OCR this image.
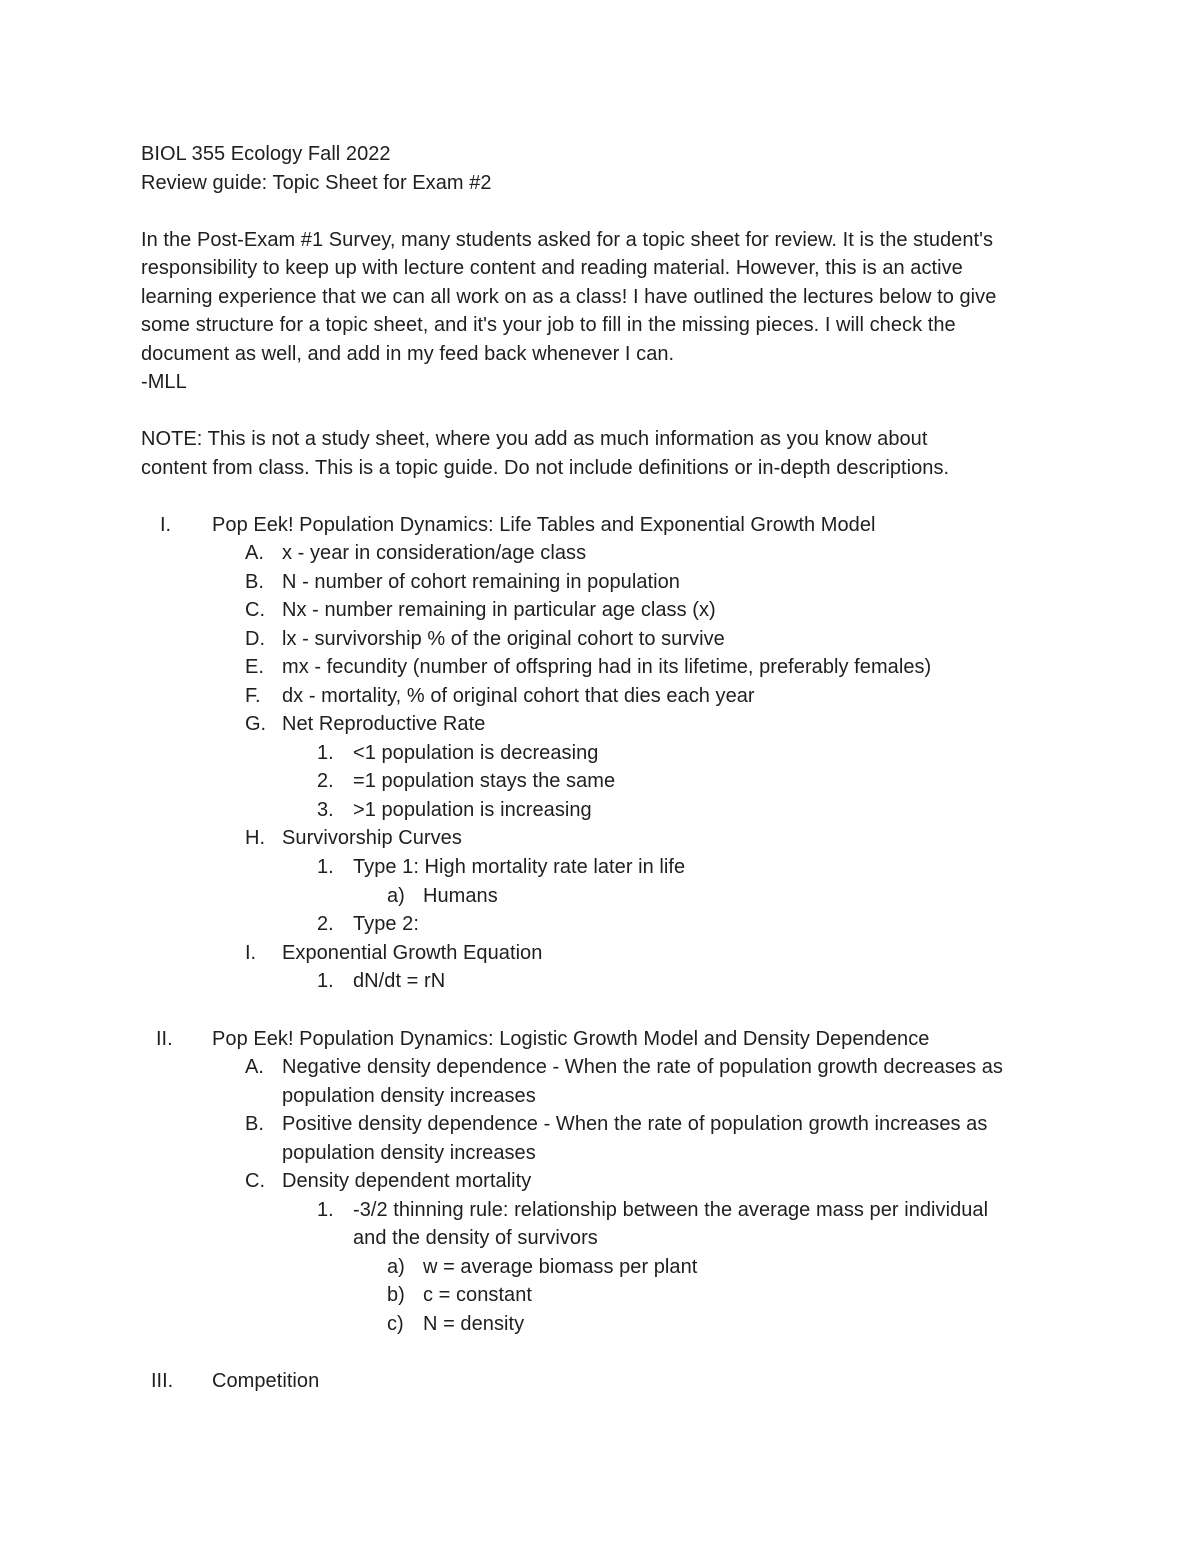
BIOL 355 Ecology Fall 2022
Review guide: Topic Sheet for Exam #2
In the Post-Exam #1 Survey, many students asked for a topic sheet for review. It is the student's
responsibility to keep up with lecture content and reading material. However, this is an active
learning experience that we can all work on as a class! I have outlined the lectures below to give
some structure for a topic sheet, and it's your job to fill in the missing pieces. I will check the
document as well, and add in my feed back whenever I can.
-MLL
NOTE: This is not a study sheet, where you add as much information as you know about
content from class. This is a topic guide. Do not include definitions or in-depth descriptions.
I. Pop Eek! Population Dynamics: Life Tables and Exponential Growth Model
A. x - year in consideration/age class
B. N - number of cohort remaining in population
C. Nx - number remaining in particular age class (x)
D. lx - survivorship % of the original cohort to survive
E. mx - fecundity (number of offspring had in its lifetime, preferably females)
F. dx - mortality, % of original cohort that dies each year
G. Net Reproductive Rate
1. <1 population is decreasing
2. =1 population stays the same
3. >1 population is increasing
H. Survivorship Curves
1. Type 1: High mortality rate later in life
a) Humans
2. Type 2:
I. Exponential Growth Equation
1. dN/dt = rN
II. Pop Eek! Population Dynamics: Logistic Growth Model and Density Dependence
A. Negative density dependence - When the rate of population growth decreases as
population density increases
B. Positive density dependence - When the rate of population growth increases as
population density increases
C. Density dependent mortality
1. -3/2 thinning rule: relationship between the average mass per individual
and the density of survivors
a) w = average biomass per plant
b) c = constant
c) N = density
III. Competition
